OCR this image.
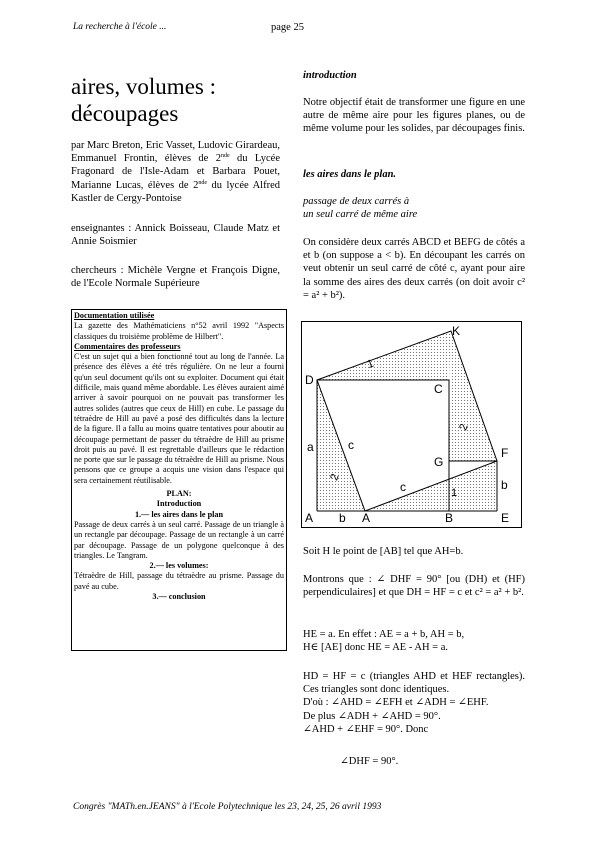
La recherche à l'école ...	page 25
aires, volumes :
découpages
par Marc Breton, Eric Vasset, Ludovic Girardeau, Emmanuel Frontin, élèves de 2nde du Lycée Fragonard de l'Isle-Adam et Barbara Pouet, Marianne Lucas, élèves de 2nde du lycée Alfred Kastler de Cergy-Pontoise
enseignantes : Annick Boisseau, Claude Matz et Annie Soismier
chercheurs : Michèle Vergne et François Digne, de l'Ecole Normale Supérieure
Documentation utilisée
La gazette des Mathématiciens n°52 avril 1992 "Aspects classiques du troisième problème de Hilbert".
Commentaires des professeurs
C'est un sujet qui a bien fonctionné tout au long de l'année. La présence des élèves a été très régulière. On ne leur a fourni qu'un seul document qu'ils ont su exploiter. Document qui était difficile, mais quand même abordable. Les élèves auraient aimé arriver à savoir pourquoi on ne pouvait pas transformer les autres solides (autres que ceux de Hill) en cube. Le passage du tétraèdre de Hill au pavé a posé des difficultés dans la lecture de la figure. Il a fallu au moins quatre tentatives pour aboutir au découpage permettant de passer du tétraèdre de Hill au prisme droit puis au pavé. Il est regrettable d'ailleurs que le rédaction ne porte que sur le passage du tétraèdre de Hill au prisme. Nous pensons que ce groupe a acquis une vision dans l'espace qui sera certainement réutilisable.
PLAN:
Introduction
1.— les aires dans le plan
Passage de deux carrés à un seul carré. Passage de un triangle à un rectangle par découpage. Passage de un rectangle à un carré par découpage. Passage de un polygone quelconque à des triangles. Le Tangram.
2.— les volumes:
Tétraèdre de Hill, passage du tétraèdre au prisme. Passage du pavé au cube.
3.— conclusion
introduction
Notre objectif était de transformer une figure en une autre de même aire pour les figures planes, ou de même volume pour les solides, par découpages finis.
les aires dans le plan.
passage de deux carrés à
un seul carré de même aire
On considère deux carrés ABCD et BEFG de côtés a et b (on suppose a < b). En découpant les carrés on veut obtenir un seul carré de côté c, ayant pour aire la somme des aires des deux carrés (on doit avoir c² = a² + b²).
K
D
C
G
F
A	A	B	E
a
b
b
c
c
1
2
2
1
Soit H le point de [AB] tel que AH=b.
Montrons que : ∠ DHF = 90° [ou (DH) et (HF) perpendiculaires] et que DH = HF = c et c² = a² + b².
HE = a. En effet : AE = a + b, AH = b,
H∈ [AE] donc HE = AE - AH = a.
HD = HF = c (triangles AHD et HEF rectangles). Ces triangles sont donc identiques.
D'où : ∠AHD = ∠EFH et ∠ADH = ∠EHF.
De plus ∠ADH + ∠AHD = 90°.
∠AHD + ∠EHF = 90°. Donc
∠DHF = 90°.
Congrès "MATh.en.JEANS" à l'Ecole Polytechnique les 23, 24, 25, 26 avril 1993
